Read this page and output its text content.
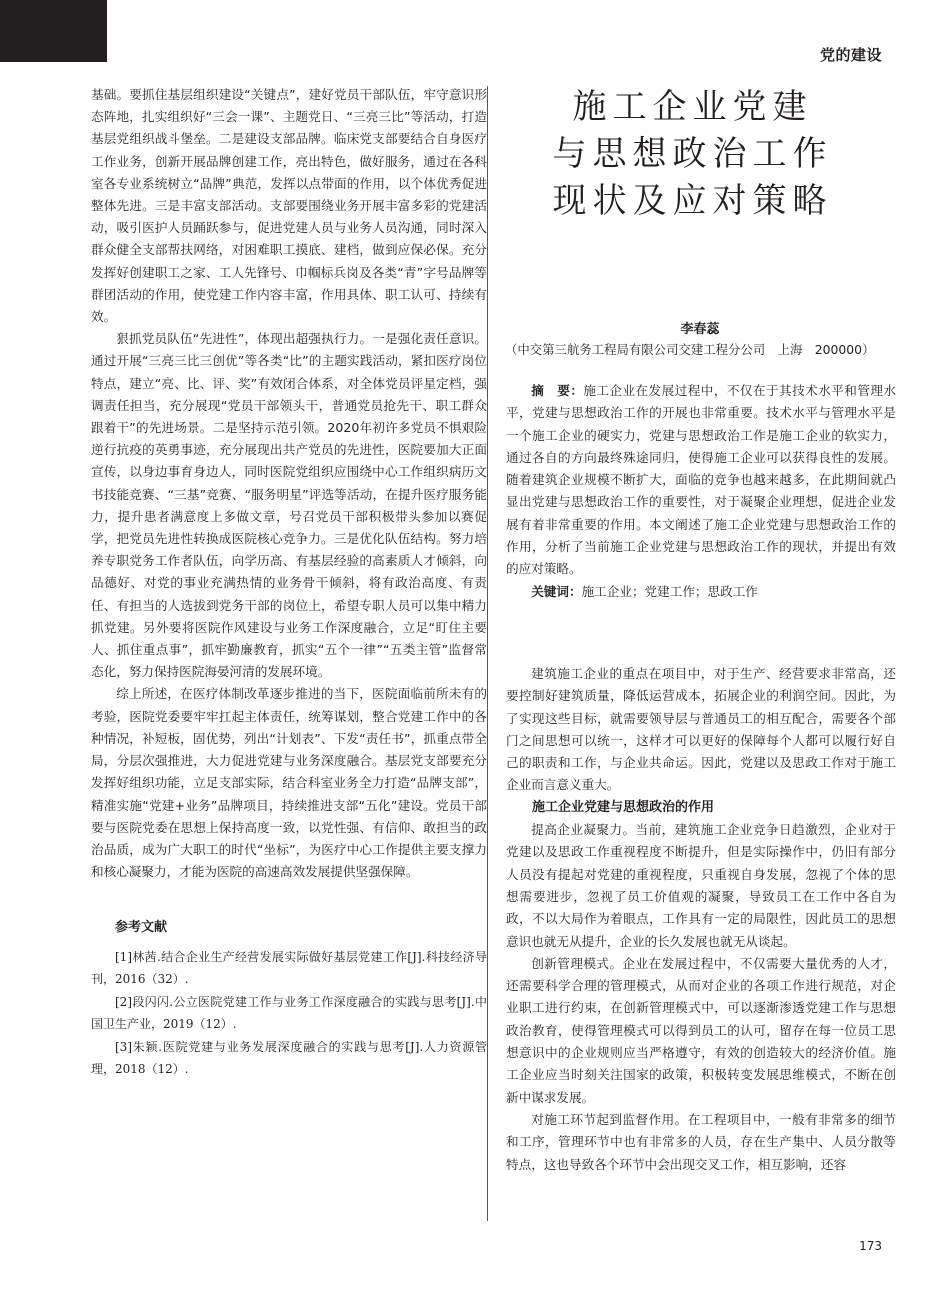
党的建设

基础。要抓住基层组织建设“关键点”，建好党员干部队伍，牢守意识形态阵地，扎实组织好“三会一课”、主题党日、“三亮三比”等活动，打造基层党组织战斗堡垒。二是建设支部品牌。临床党支部要结合自身医疗工作业务，创新开展品牌创建工作，亮出特色，做好服务，通过在各科室各专业系统树立“品牌”典范，发挥以点带面的作用，以个体优秀促进整体先进。三是丰富支部活动。支部要围绕业务开展丰富多彩的党建活动，吸引医护人员踊跃参与，促进党建人员与业务人员沟通，同时深入群众健全支部帮扶网络，对困难职工摸底、建档，做到应保必保。充分发挥好创建职工之家、工人先锋号、巾帼标兵岗及各类“青”字号品牌等群团活动的作用，使党建工作内容丰富，作用具体、职工认可、持续有效。

狠抓党员队伍“先进性”，体现出超强执行力。一是强化责任意识。通过开展“三亮三比三创优”等各类“比”的主题实践活动，紧扣医疗岗位特点，建立“亮、比、评、奖”有效闭合体系，对全体党员评星定档，强调责任担当，充分展现“党员干部领头干，普通党员抢先干、职工群众跟着干”的先进场景。二是坚持示范引领。2020年初许多党员不惧艰险逆行抗疫的英勇事迹，充分展现出共产党员的先进性，医院要加大正面宣传，以身边事育身边人，同时医院党组织应围绕中心工作组织病历文书技能竞赛、“三基”竞赛、“服务明星”评选等活动，在提升医疗服务能力，提升患者满意度上多做文章，号召党员干部积极带头参加以赛促学，把党员先进性转换成医院核心竞争力。三是优化队伍结构。努力培养专职党务工作者队伍，向学历高、有基层经验的高素质人才倾斜，向品德好、对党的事业充满热情的业务骨干倾斜，将有政治高度、有责任、有担当的人选拔到党务干部的岗位上，希望专职人员可以集中精力抓党建。另外要将医院作风建设与业务工作深度融合，立足“盯住主要人、抓住重点事”，抓牢勤廉教育，抓实“五个一律”“五类主管”监督常态化，努力保持医院海晏河清的发展环境。

综上所述，在医疗体制改革逐步推进的当下，医院面临前所未有的考验，医院党委要牢牢扛起主体责任，统筹谋划，整合党建工作中的各种情况，补短板，固优势，列出“计划表”、下发“责任书”，抓重点带全局，分层次强推进，大力促进党建与业务深度融合。基层党支部要充分发挥好组织功能，立足支部实际，结合科室业务全力打造“品牌支部”，精准实施“党建+业务”品牌项目，持续推进支部“五化”建设。党员干部要与医院党委在思想上保持高度一致，以党性强、有信仰、敢担当的政治品质，成为广大职工的时代“坐标”，为医疗中心工作提供主要支撑力和核心凝聚力，才能为医院的高速高效发展提供坚强保障。

参考文献

[1]林茜.结合企业生产经营发展实际做好基层党建工作[J].科技经济导刊，2016（32）.

[2]段闪闪.公立医院党建工作与业务工作深度融合的实践与思考[J].中国卫生产业，2019（12）.

[3]朱颖.医院党建与业务发展深度融合的实践与思考[J].人力资源管理，2018（12）.

施工企业党建
与思想政治工作
现状及应对策略
李春蕊
（中交第三航务工程局有限公司交建工程分公司　上海　200000）

摘　要：施工企业在发展过程中，不仅在于其技术水平和管理水平，党建与思想政治工作的开展也非常重要。技术水平与管理水平是一个施工企业的硬实力，党建与思想政治工作是施工企业的软实力，通过各自的方向最终殊途同归，使得施工企业可以获得良性的发展。随着建筑企业规模不断扩大，面临的竞争也越来越多，在此期间就凸显出党建与思想政治工作的重要性，对于凝聚企业理想，促进企业发展有着非常重要的作用。本文阐述了施工企业党建与思想政治工作的作用，分析了当前施工企业党建与思想政治工作的现状，并提出有效的应对策略。

关键词：施工企业；党建工作；思政工作

建筑施工企业的重点在项目中，对于生产、经营要求非常高，还要控制好建筑质量，降低运营成本，拓展企业的利润空间。因此，为了实现这些目标，就需要领导层与普通员工的相互配合，需要各个部门之间思想可以统一，这样才可以更好的保障每个人都可以履行好自己的职责和工作，与企业共命运。因此，党建以及思政工作对于施工企业而言意义重大。

施工企业党建与思想政治的作用

提高企业凝聚力。当前，建筑施工企业竞争日趋激烈，企业对于党建以及思政工作重视程度不断提升，但是实际操作中，仍旧有部分人员没有提起对党建的重视程度，只重视自身发展，忽视了个体的思想需要进步，忽视了员工价值观的凝聚，导致员工在工作中各自为政，不以大局作为着眼点，工作具有一定的局限性，因此员工的思想意识也就无从提升，企业的长久发展也就无从谈起。

创新管理模式。企业在发展过程中，不仅需要大量优秀的人才，还需要科学合理的管理模式，从而对企业的各项工作进行规范，对企业职工进行约束，在创新管理模式中，可以逐渐渗透党建工作与思想政治教育，使得管理模式可以得到员工的认可，留存在每一位员工思想意识中的企业规则应当严格遵守，有效的创造较大的经济价值。施工企业应当时刻关注国家的政策，积极转变发展思维模式，不断在创新中谋求发展。

对施工环节起到监督作用。在工程项目中，一般有非常多的细节和工序，管理环节中也有非常多的人员，存在生产集中、人员分散等特点，这也导致各个环节中会出现交叉工作，相互影响，还容

173
